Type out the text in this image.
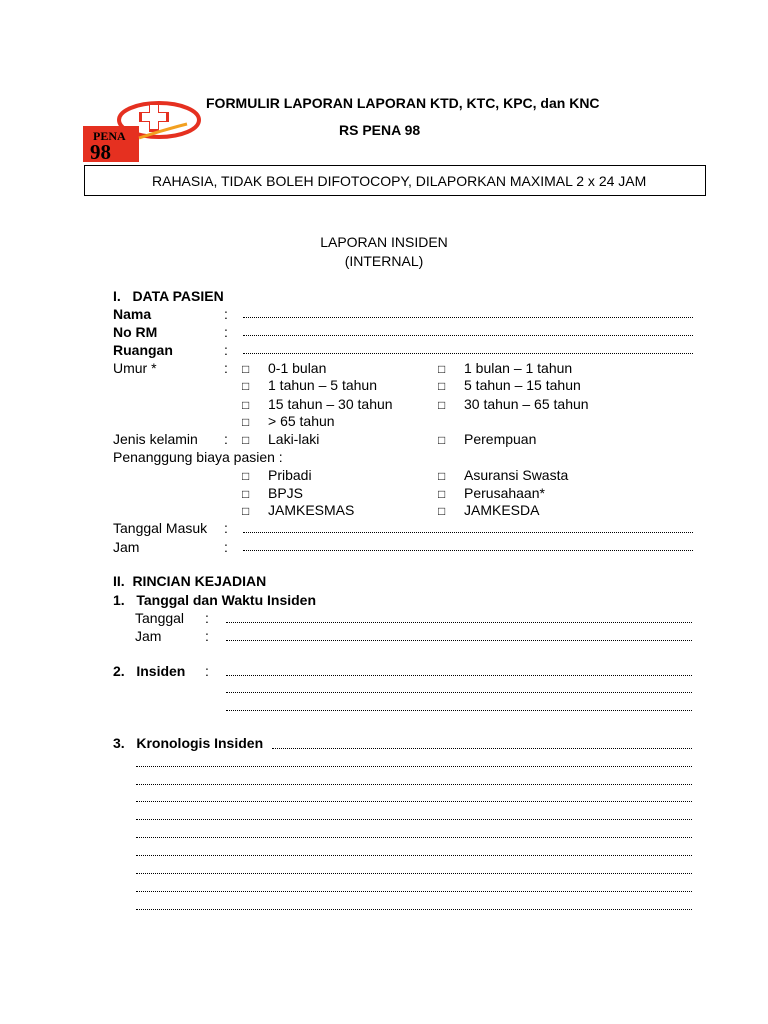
PENA
98
FORMULIR LAPORAN LAPORAN KTD, KTC, KPC, dan KNC
RS PENA 98
RAHASIA, TIDAK BOLEH DIFOTOCOPY, DILAPORKAN MAXIMAL 2 x 24 JAM
LAPORAN INSIDEN
(INTERNAL)
I.   DATA PASIEN
Nama	:
No RM	:
Ruangan	:
Umur *	: □ 0-1 bulan	□ 1 bulan – 1 tahun
□ 1 tahun – 5 tahun	□ 5 tahun – 15 tahun
□ 15 tahun – 30 tahun	□ 30 tahun – 65 tahun
□ > 65 tahun
Jenis kelamin : □ Laki-laki	□ Perempuan
Penanggung biaya pasien :
□ Pribadi	□ Asuransi Swasta
□ BPJS	□ Perusahaan*
□ JAMKESMAS	□ JAMKESDA
Tanggal Masuk :
Jam	:
II.  RINCIAN KEJADIAN
1.   Tanggal dan Waktu Insiden
Tanggal :
Jam	:
2.   Insiden :
3.   Kronologis Insiden
